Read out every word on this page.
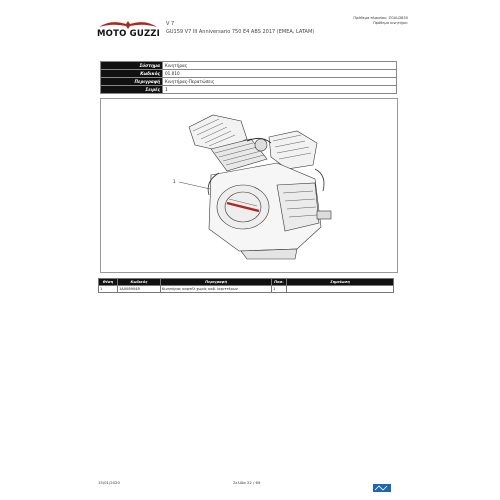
MOTO GUZZI
V 7
GU159 V7 III Anniversario 750 E4 ABS 2017 (EMEA, LATAM)
Πρόθεμα πλαισίου: ZGULD830
Πρόθεμα κινητήρα:
Σύστημα	Κινητήρας
Κωδικός	01.010
Περιγραφή	Κινητήρας-Περατώσεις
Σειρές	1
1
Θέση	Κωδικός	Περιγραφή	Ποσ.	Σημείωση
1	1A008904R	Κινητήρας καρτέλ χωρίς καβ. Ιαριττέρων	1	
15/01/2020	Σελίδα 22 / 69
